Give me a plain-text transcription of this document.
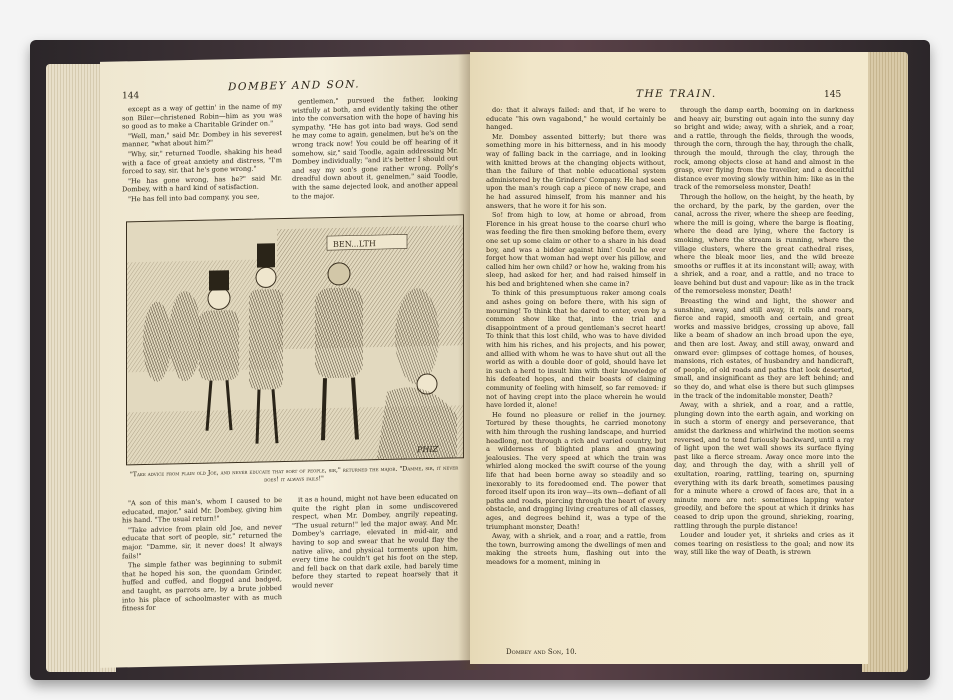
144
DOMBEY AND SON.

except as a way of gettin' in the name of my son Biler—christened Robin—him as you was so good as to make a Charitable Grinder on."

"Well, man," said Mr. Dombey in his severest manner, "what about him?"

"Why, sir," returned Toodle, shaking his head with a face of great anxiety and distress, "I'm forced to say, sir, that he's gone wrong."

"He has gone wrong, has he?" said Mr. Dombey, with a hard kind of satisfaction.

"He has fell into bad company, you see,

gentlemen," pursued the father, looking wistfully at both, and evidently taking the other into the conversation with the hope of having his sympathy. "He has got into bad ways. God send he may come to again, genelmen, but he's on the wrong track now! You could be off hearing of it somehow, sir," said Toodle, again addressing Mr. Dombey individually; "and it's better I should out and say my son's gone rather wrong. Polly's dreadful down about it, genelmen," said Toodle, with the same dejected look, and another appeal to the major.

BEN...LTH
PHIZ
"Take advice from plain old Joe, and never educate that sort of people, sir," returned the major. "Damme, sir, it never does! it always fails!"

"A son of this man's, whom I caused to be educated, major," said Mr. Dombey, giving him his hand. "The usual return!"

"Take advice from plain old Joe, and never educate that sort of people, sir," returned the major. "Damme, sir, it never does! It always fails!"

The simple father was beginning to submit that he hoped his son, the quondam Grinder, huffed and cuffed, and flogged and badged, and taught, as parrots are, by a brute jobbed into his place of schoolmaster with as much fitness for

it as a hound, might not have been educated on quite the right plan in some undiscovered respect, when Mr. Dombey, angrily repeating, "The usual return!" led the major away. And Mr. Dombey's carriage, elevated in mid-air, and having to sop and swear that he would flay the native alive, and physical torments upon him, every time he couldn't get his foot on the step, and fell back on that dark exile, had barely time before they started to repeat hoarsely that it would never

THE TRAIN.	145

do: that it always failed: and that, if he were to educate "his own vagabond," he would certainly be hanged.

Mr. Dombey assented bitterly; but there was something more in his bitterness, and in his moody way of falling back in the carriage, and in looking with knitted brows at the changing objects without, than the failure of that noble educational system administered by the Grinders' Company. He had seen upon the man's rough cap a piece of new crape, and he had assured himself, from his manner and his answers, that he wore it for his son.

So! from high to low, at home or abroad, from Florence in his great house to the coarse churl who was feeding the fire then smoking before them, every one set up some claim or other to a share in his dead boy, and was a bidder against him! Could he ever forget how that woman had wept over his pillow, and called him her own child? or how he, waking from his sleep, had asked for her, and had raised himself in his bed and brightened when she came in?

To think of this presumptuous raker among coals and ashes going on before there, with his sign of mourning! To think that he dared to enter, even by a common show like that, into the trial and disappointment of a proud gentleman's secret heart! To think that this lost child, who was to have divided with him his riches, and his projects, and his power, and allied with whom he was to have shut out all the world as with a double door of gold, should have let in such a herd to insult him with their knowledge of his defeated hopes, and their boasts of claiming community of feeling with himself, so far removed: if not of having crept into the place wherein he would have lorded it, alone!

He found no pleasure or relief in the journey. Tortured by these thoughts, he carried monotony with him through the rushing landscape, and hurried headlong, not through a rich and varied country, but a wilderness of blighted plans and gnawing jealousies. The very speed at which the train was whirled along mocked the swift course of the young life that had been borne away so steadily and so inexorably to its foredoomed end. The power that forced itself upon its iron way—its own—defiant of all paths and roads, piercing through the heart of every obstacle, and dragging living creatures of all classes, ages, and degrees behind it, was a type of the triumphant monster, Death!

Away, with a shriek, and a roar, and a rattle, from the town, burrowing among the dwellings of men and making the streets hum, flashing out into the meadows for a moment, mining in

Dombey and Son, 10.

through the damp earth, booming on in darkness and heavy air, bursting out again into the sunny day so bright and wide; away, with a shriek, and a roar, and a rattle, through the fields, through the woods, through the corn, through the hay, through the chalk, through the mould, through the clay, through the rock, among objects close at hand and almost in the grasp, ever flying from the traveller, and a deceitful distance ever moving slowly within him: like as in the track of the remorseless monster, Death!

Through the hollow, on the height, by the heath, by the orchard, by the park, by the garden, over the canal, across the river, where the sheep are feeding, where the mill is going, where the barge is floating, where the dead are lying, where the factory is smoking, where the stream is running, where the village clusters, where the great cathedral rises, where the bleak moor lies, and the wild breeze smooths or ruffles it at its inconstant will; away, with a shriek, and a roar, and a rattle, and no trace to leave behind but dust and vapour: like as in the track of the remorseless monster, Death!

Breasting the wind and light, the shower and sunshine, away, and still away, it rolls and roars, fierce and rapid, smooth and certain, and great works and massive bridges, crossing up above, fall like a beam of shadow an inch broad upon the eye, and then are lost. Away, and still away, onward and onward ever: glimpses of cottage homes, of houses, mansions, rich estates, of husbandry and handicraft, of people, of old roads and paths that look deserted, small, and insignificant as they are left behind; and so they do, and what else is there but such glimpses in the track of the indomitable monster, Death?

Away, with a shriek, and a roar, and a rattle, plunging down into the earth again, and working on in such a storm of energy and perseverance, that amidst the darkness and whirlwind the motion seems reversed, and to tend furiously backward, until a ray of light upon the wet wall shows its surface flying past like a fierce stream. Away once more into the day, and through the day, with a shrill yell of exultation, roaring, rattling, tearing on, spurning everything with its dark breath, sometimes pausing for a minute where a crowd of faces are, that in a minute more are not: sometimes lapping water greedily, and before the spout at which it drinks has ceased to drip upon the ground, shrieking, roaring, rattling through the purple distance!

Louder and louder yet, it shrieks and cries as it comes tearing on resistless to the goal; and now its way, still like the way of Death, is strewn
